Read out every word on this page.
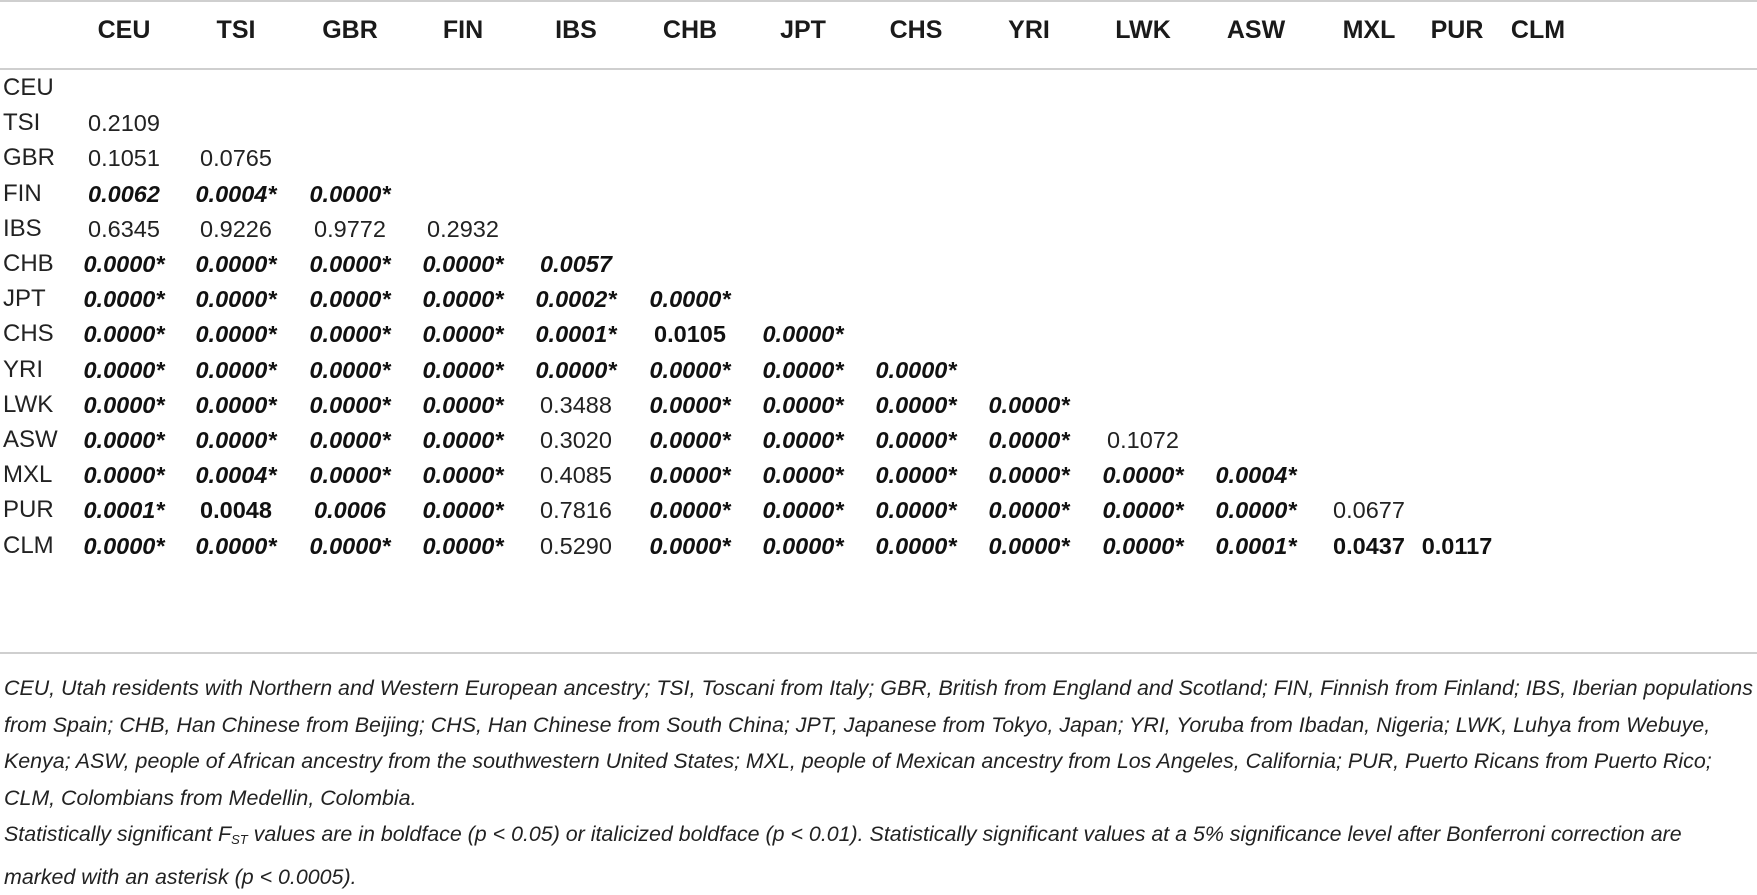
CEU	TSI	GBR	FIN	IBS	CHB	JPT	CHS	YRI	LWK ASW MXL PUR CLM
CEU
TSI 0.2109
GBR 0.1051 0.0765
FIN 0.0062 0.0004* 0.0000*
IBS 0.6345 0.9226 0.9772 0.2932
CHB 0.0000* 0.0000* 0.0000* 0.0000* 0.0057
JPT 0.0000* 0.0000* 0.0000* 0.0000* 0.0002* 0.0000*
CHS 0.0000* 0.0000* 0.0000* 0.0000* 0.0001* 0.0105 0.0000*
YRI 0.0000* 0.0000* 0.0000* 0.0000* 0.0000* 0.0000* 0.0000* 0.0000*
LWK 0.0000* 0.0000* 0.0000* 0.0000* 0.3488 0.0000* 0.0000* 0.0000* 0.0000*
ASW 0.0000* 0.0000* 0.0000* 0.0000* 0.3020 0.0000* 0.0000* 0.0000* 0.0000* 0.1072
MXL 0.0000* 0.0004* 0.0000* 0.0000* 0.4085 0.0000* 0.0000* 0.0000* 0.0000* 0.0000* 0.0004*
PUR 0.0001* 0.0048 0.0006 0.0000* 0.7816 0.0000* 0.0000* 0.0000* 0.0000* 0.0000* 0.0000* 0.0677
CLM 0.0000* 0.0000* 0.0000* 0.0000* 0.5290 0.0000* 0.0000* 0.0000* 0.0000* 0.0000* 0.0001* 0.0437 0.0117
CEU, Utah residents with Northern and Western European ancestry; TSI, Toscani from Italy; GBR, British from England and Scotland; FIN, Finnish from Finland; IBS, Iberian populations from Spain; CHB, Han Chinese from Beijing; CHS, Han Chinese from South China; JPT, Japanese from Tokyo, Japan; YRI, Yoruba from Ibadan, Nigeria; LWK, Luhya from Webuye, Kenya; ASW, people of African ancestry from the southwestern United States; MXL, people of Mexican ancestry from Los Angeles, California; PUR, Puerto Ricans from Puerto Rico; CLM, Colombians from Medellin, Colombia.
Statistically significant $F_{ST}$ values are in boldface (p < 0.05) or italicized boldface (p < 0.01). Statistically significant values at a 5% significance level after Bonferroni correction are marked with an asterisk (p < 0.0005).
